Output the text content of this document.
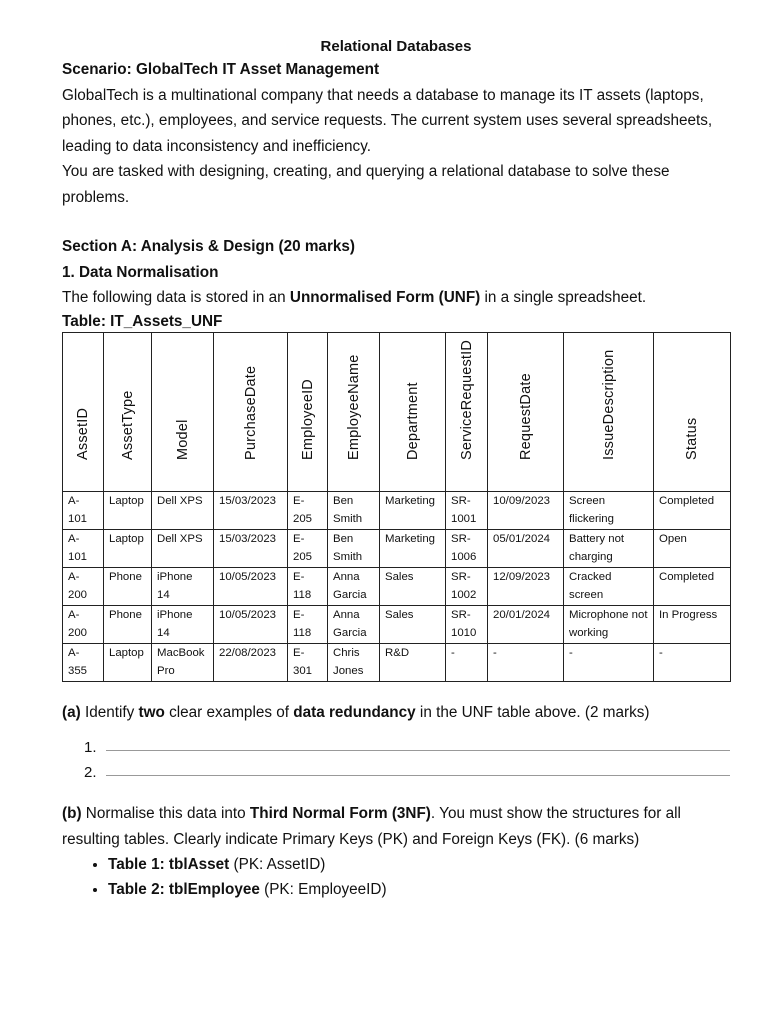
Relational Databases

Scenario: GlobalTech IT Asset Management

GlobalTech is a multinational company that needs a database to manage its IT assets (laptops, phones, etc.), employees, and service requests. The current system uses several spreadsheets, leading to data inconsistency and inefficiency.

You are tasked with designing, creating, and querying a relational database to solve these problems.

Section A: Analysis & Design (20 marks)

1. Data Normalisation

The following data is stored in an Unnormalised Form (UNF) in a single spreadsheet.

Table: IT_Assets_UNF

AssetID	AssetType	Model	PurchaseDate	EmployeeID	EmployeeName	Department	ServiceRequestID	RequestDate	IssueDescription	Status

A-101	Laptop	Dell XPS	15/03/2023	E-205	Ben Smith	Marketing	SR-1001	10/09/2023	Screen flickering	Completed
A-101	Laptop	Dell XPS	15/03/2023	E-205	Ben Smith	Marketing	SR-1006	05/01/2024	Battery not charging	Open
A-200	Phone	iPhone 14	10/05/2023	E-118	Anna Garcia	Sales	SR-1002	12/09/2023	Cracked screen	Completed
A-200	Phone	iPhone 14	10/05/2023	E-118	Anna Garcia	Sales	SR-1010	20/01/2024	Microphone not working	In Progress
A-355	Laptop	MacBook Pro	22/08/2023	E-301	Chris Jones	R&D	-	-	-	-

(a) Identify two clear examples of data redundancy in the UNF table above. (2 marks)

1.
2.

(b) Normalise this data into Third Normal Form (3NF). You must show the structures for all resulting tables. Clearly indicate Primary Keys (PK) and Foreign Keys (FK). (6 marks)

• Table 1: tblAsset (PK: AssetID)
• Table 2: tblEmployee (PK: EmployeeID)
